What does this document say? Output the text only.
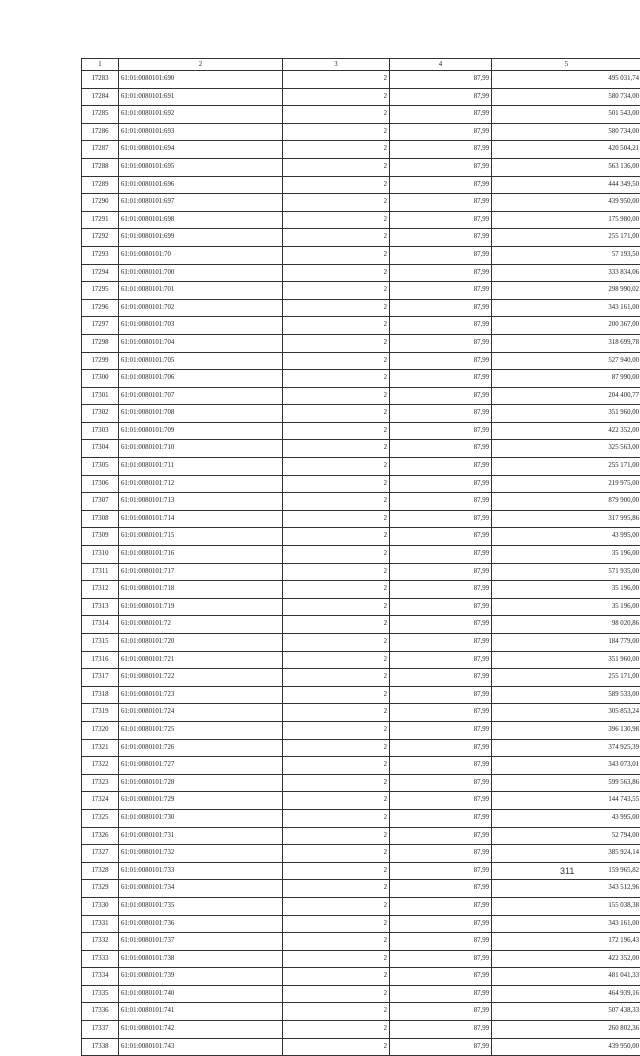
1	2	3	4	5
17283	61:01:0080101:690	2	87,99	495 031,74
17284	61:01:0080101:691	2	87,99	580 734,00
17285	61:01:0080101:692	2	87,99	501 543,00
17286	61:01:0080101:693	2	87,99	580 734,00
17287	61:01:0080101:694	2	87,99	420 504,21
17288	61:01:0080101:695	2	87,99	563 136,00
17289	61:01:0080101:696	2	87,99	444 349,50
17290	61:01:0080101:697	2	87,99	439 950,00
17291	61:01:0080101:698	2	87,99	175 980,00
17292	61:01:0080101:699	2	87,99	255 171,00
17293	61:01:0080101:70	2	87,99	57 193,50
17294	61:01:0080101:700	2	87,99	333 834,06
17295	61:01:0080101:701	2	87,99	298 990,02
17296	61:01:0080101:702	2	87,99	343 161,00
17297	61:01:0080101:703	2	87,99	200 367,00
17298	61:01:0080101:704	2	87,99	318 699,78
17299	61:01:0080101:705	2	87,99	527 940,00
17300	61:01:0080101:706	2	87,99	87 990,00
17301	61:01:0080101:707	2	87,99	204 400,77
17302	61:01:0080101:708	2	87,99	351 960,00
17303	61:01:0080101:709	2	87,99	422 352,00
17304	61:01:0080101:710	2	87,99	325 563,00
17305	61:01:0080101:711	2	87,99	255 171,00
17306	61:01:0080101:712	2	87,99	219 975,00
17307	61:01:0080101:713	2	87,99	879 900,00
17308	61:01:0080101:714	2	87,99	317 995,86
17309	61:01:0080101:715	2	87,99	43 995,00
17310	61:01:0080101:716	2	87,99	35 196,00
17311	61:01:0080101:717	2	87,99	571 935,00
17312	61:01:0080101:718	2	87,99	35 196,00
17313	61:01:0080101:719	2	87,99	35 196,00
17314	61:01:0080101:72	2	87,99	98 020,86
17315	61:01:0080101:720	2	87,99	184 779,00
17316	61:01:0080101:721	2	87,99	351 960,00
17317	61:01:0080101:722	2	87,99	255 171,00
17318	61:01:0080101:723	2	87,99	589 533,00
17319	61:01:0080101:724	2	87,99	305 853,24
17320	61:01:0080101:725	2	87,99	396 130,98
17321	61:01:0080101:726	2	87,99	374 925,39
17322	61:01:0080101:727	2	87,99	343 073,01
17323	61:01:0080101:728	2	87,99	599 563,86
17324	61:01:0080101:729	2	87,99	144 743,55
17325	61:01:0080101:730	2	87,99	43 995,00
17326	61:01:0080101:731	2	87,99	52 794,00
17327	61:01:0080101:732	2	87,99	385 924,14
17328	61:01:0080101:733	2	87,99	159 965,82
17329	61:01:0080101:734	2	87,99	343 512,96
17330	61:01:0080101:735	2	87,99	155 038,38
17331	61:01:0080101:736	2	87,99	343 161,00
17332	61:01:0080101:737	2	87,99	172 196,43
17333	61:01:0080101:738	2	87,99	422 352,00
17334	61:01:0080101:739	2	87,99	481 041,33
17335	61:01:0080101:740	2	87,99	464 939,16
17336	61:01:0080101:741	2	87,99	507 438,33
17337	61:01:0080101:742	2	87,99	260 802,36
17338	61:01:0080101:743	2	87,99	439 950,00
311
